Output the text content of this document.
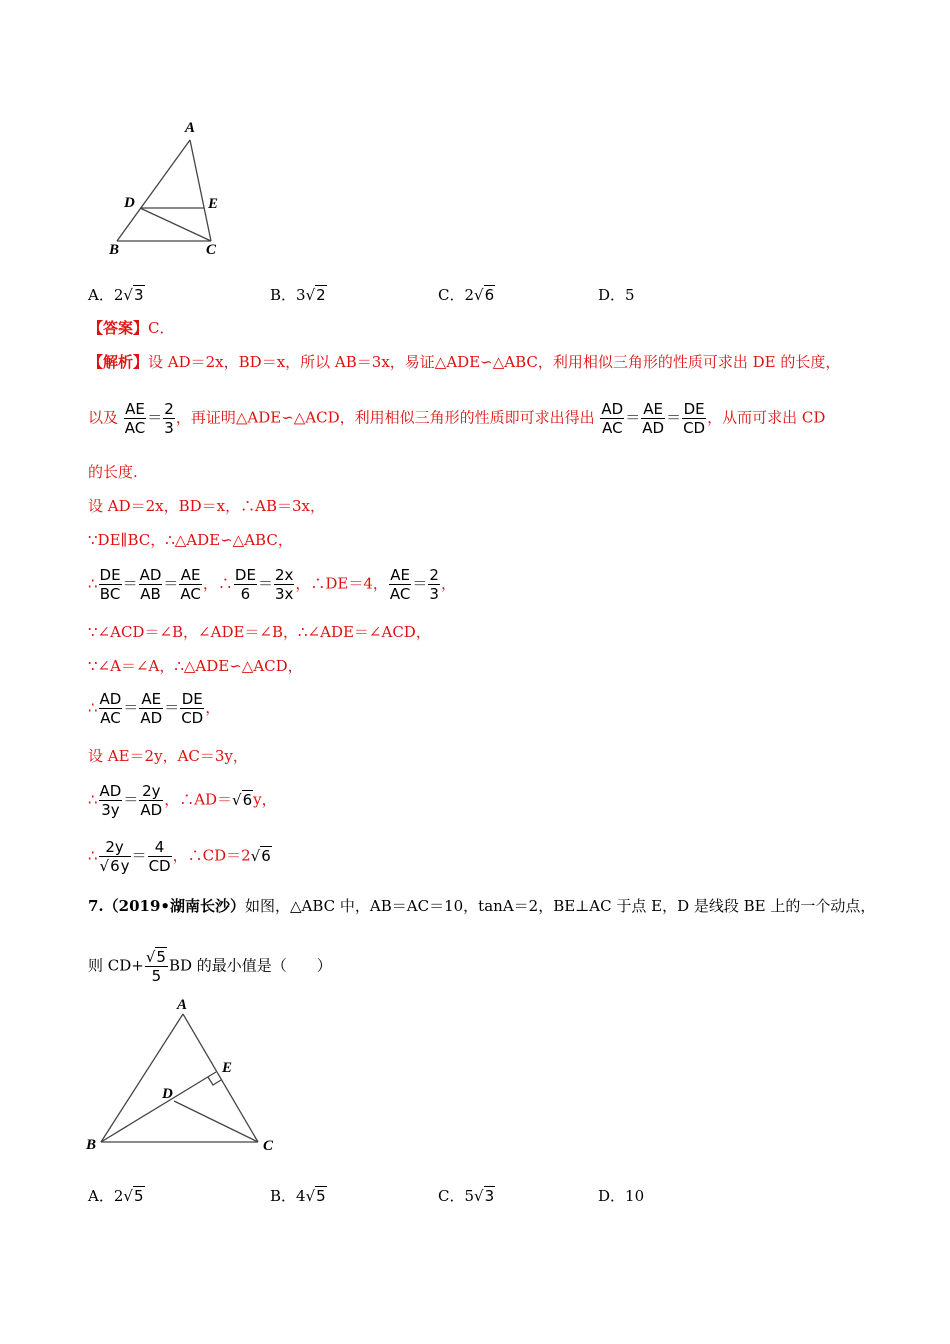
A
D	E
B	C
A．2√3	B．3√2	C．2√6	D．5
【答案】C．
【解析】设 AD＝2x，BD＝x，所以 AB＝3x，易证△ADE∽△ABC，利用相似三角形的性质可求出 DE 的长度，
以及 $\frac{AE}{AC} = \frac{2}{3}$ ，再证明△ADE∽△ACD，利用相似三角形的性质即可求出得出 $\frac{AD}{AC} = \frac{AE}{AD} = \frac{DE}{CD}$ ，从而可求出 CD
的长度.
设 AD＝2x，BD＝x，∴AB＝3x，
∵DE∥BC，∴△ADE∽△ABC，
∴ $\frac{DE}{BC} = \frac{AD}{AB} = \frac{AE}{AC}$ ，∴ $\frac{DE}{6} = \frac{2x}{3x}$ ，∴DE＝4， $\frac{AE}{AC} = \frac{2}{3}$ ，
∵∠ACD＝∠B，∠ADE＝∠B，∴∠ADE＝∠ACD，
∵∠A＝∠A，∴△ADE∽△ACD，
∴ $\frac{AD}{AC} = \frac{AE}{AD} = \frac{DE}{CD}$ ，
设 AE＝2y，AC＝3y，
∴ $\frac{AD}{3y} = \frac{2y}{AD}$ ，∴AD＝√6y，
∴ $\frac{2y}{√6y} = \frac{4}{CD}$ ，∴CD＝2√6
7.（2019•湖南长沙）如图，△ABC 中，AB＝AC＝10，tanA＝2，BE⊥AC 于点 E，D 是线段 BE 上的一个动点，
则 $CD+ \frac{√5}{5}$ BD 的最小值是（　　）
A
E
D
B	C
A．2√5	B．4√5	C．5√3	D．10
